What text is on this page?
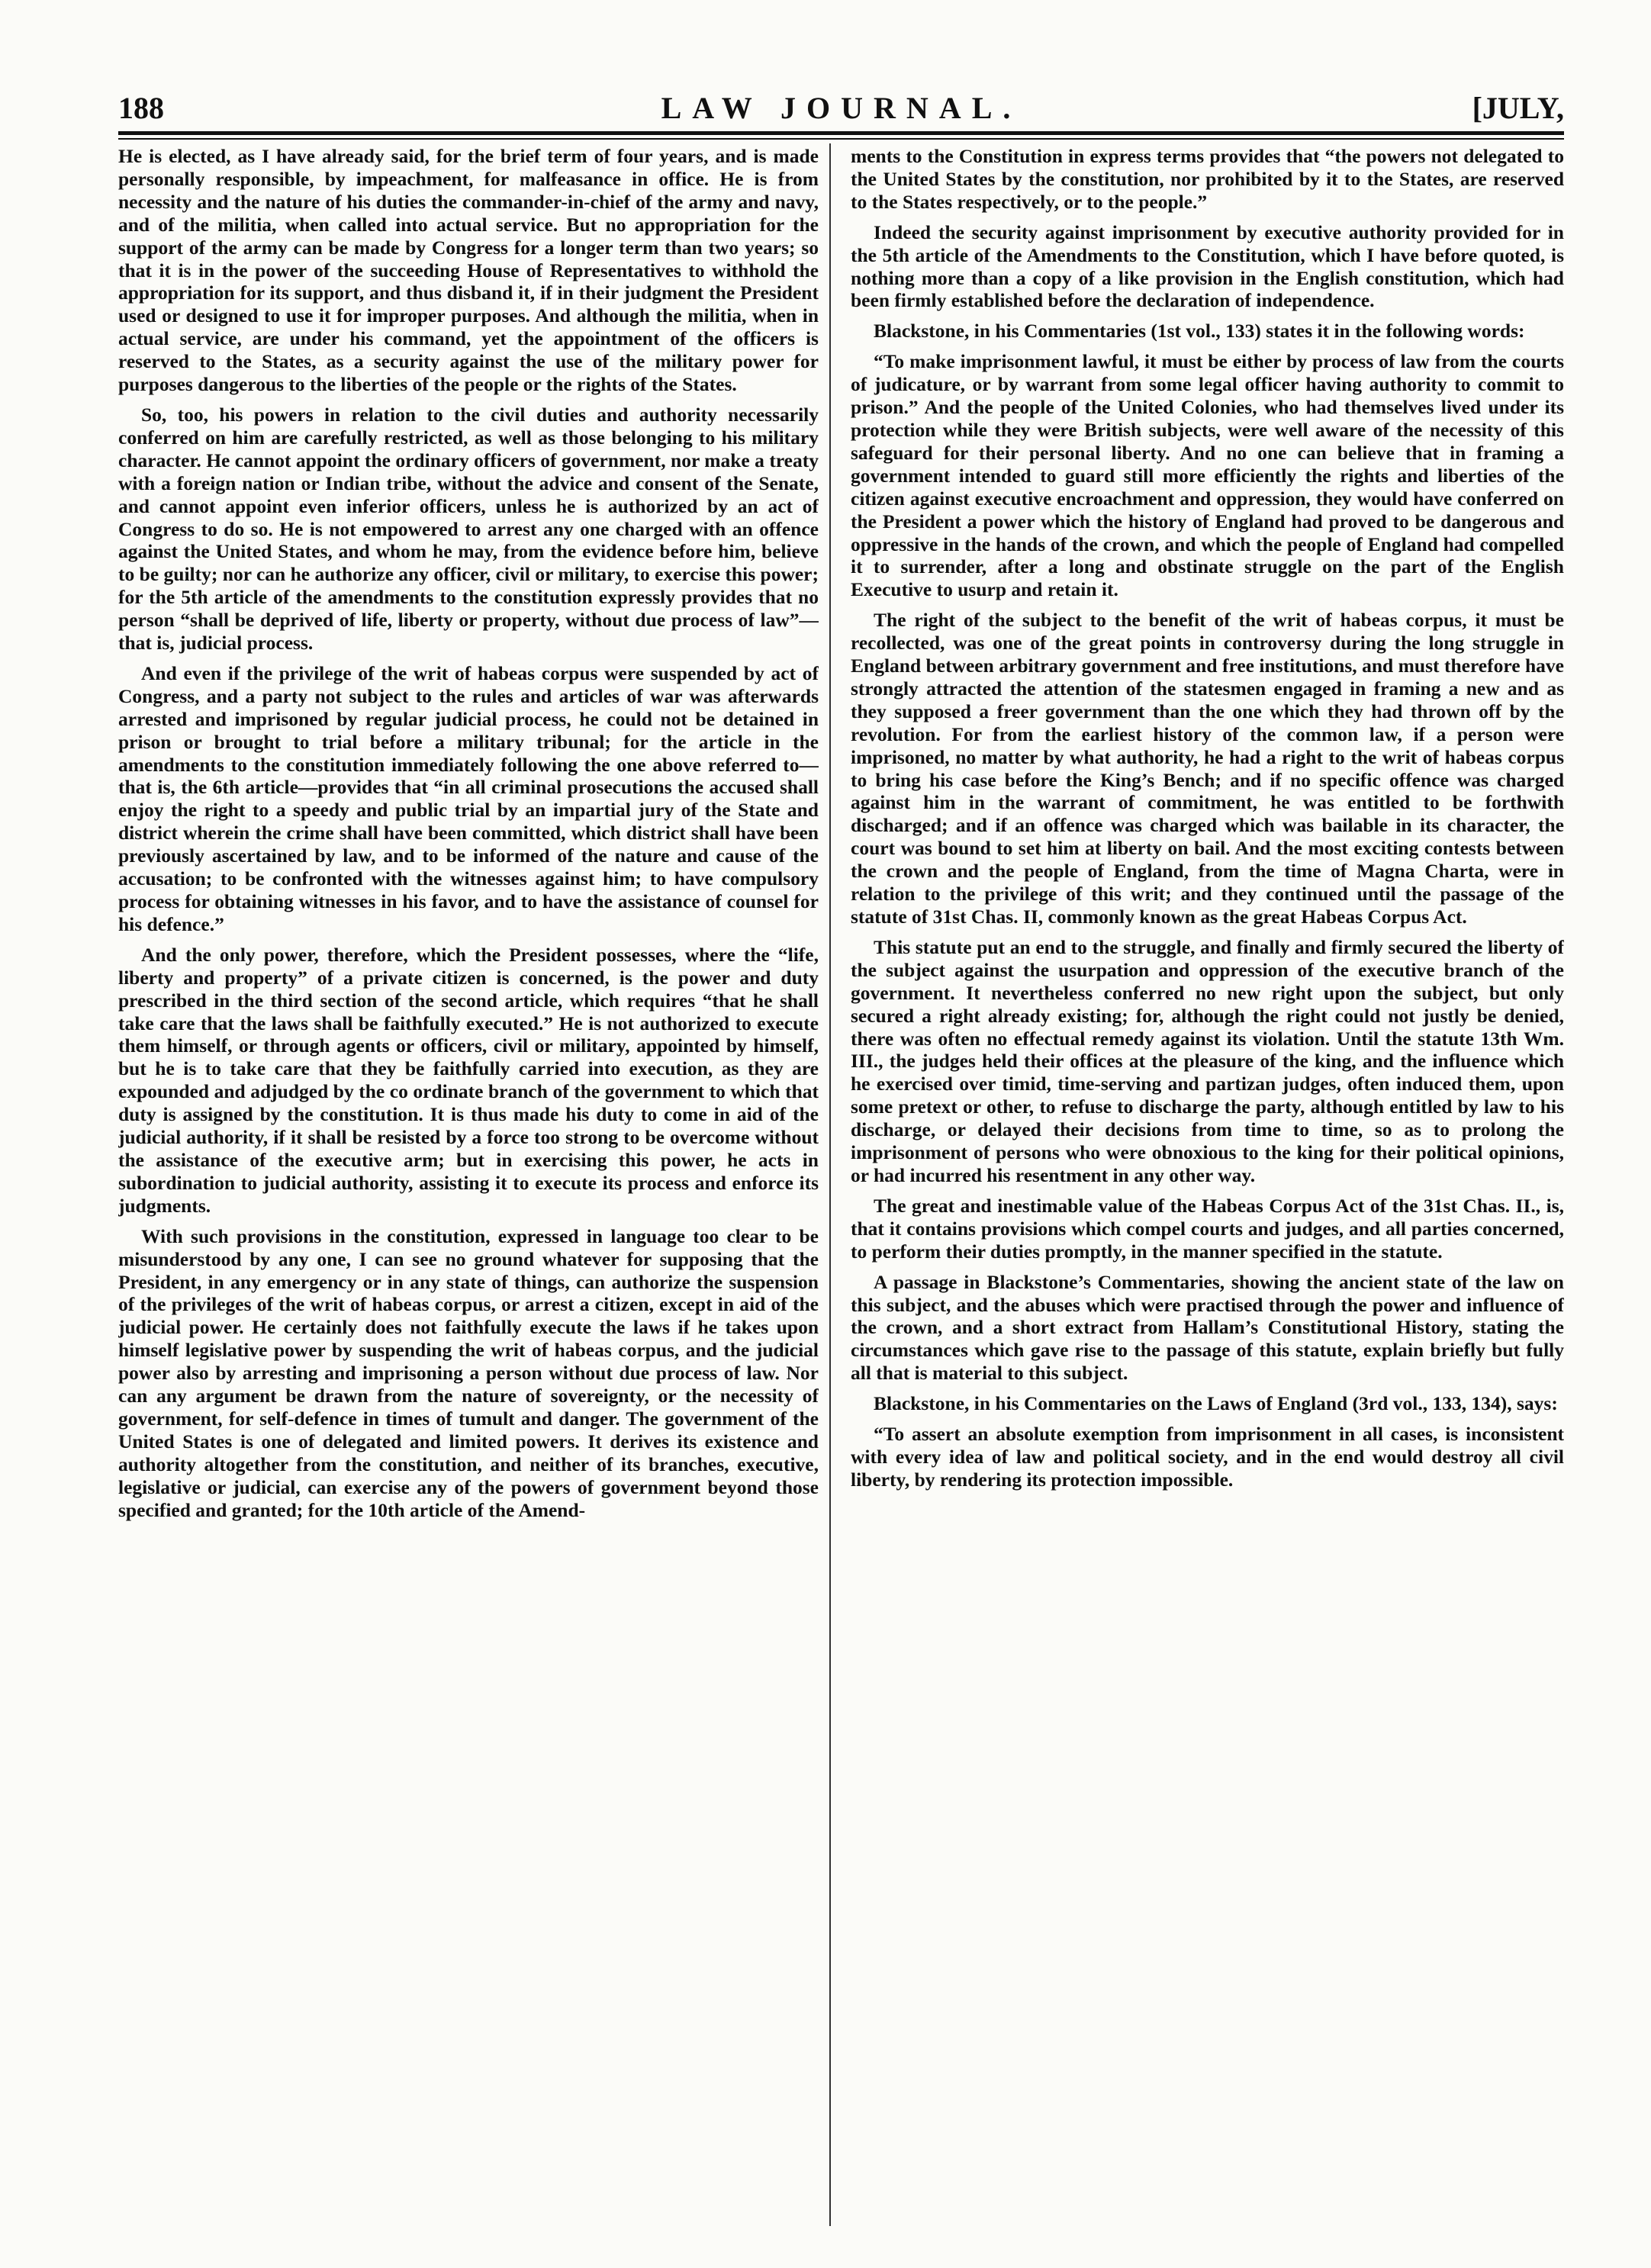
188	LAW JOURNAL.	[JULY,

He is elected, as I have already said, for the brief term of four years, and is made personally responsible, by impeachment, for malfeasance in office. He is from necessity and the nature of his duties the commander-in-chief of the army and navy, and of the militia, when called into actual service. But no appropriation for the support of the army can be made by Congress for a longer term than two years; so that it is in the power of the succeeding House of Representatives to withhold the appropriation for its support, and thus disband it, if in their judgment the President used or designed to use it for improper purposes. And although the militia, when in actual service, are under his command, yet the appointment of the officers is reserved to the States, as a security against the use of the military power for purposes dangerous to the liberties of the people or the rights of the States.

So, too, his powers in relation to the civil duties and authority necessarily conferred on him are carefully restricted, as well as those belonging to his military character. He cannot appoint the ordinary officers of government, nor make a treaty with a foreign nation or Indian tribe, without the advice and consent of the Senate, and cannot appoint even inferior officers, unless he is authorized by an act of Congress to do so. He is not empowered to arrest any one charged with an offence against the United States, and whom he may, from the evidence before him, believe to be guilty; nor can he authorize any officer, civil or military, to exercise this power; for the 5th article of the amendments to the constitution expressly provides that no person “shall be deprived of life, liberty or property, without due process of law”—that is, judicial process.

And even if the privilege of the writ of habeas corpus were suspended by act of Congress, and a party not subject to the rules and articles of war was afterwards arrested and imprisoned by regular judicial process, he could not be detained in prison or brought to trial before a military tribunal; for the article in the amendments to the constitution immediately following the one above referred to—that is, the 6th article—provides that “in all criminal prosecutions the accused shall enjoy the right to a speedy and public trial by an impartial jury of the State and district wherein the crime shall have been committed, which district shall have been previously ascertained by law, and to be informed of the nature and cause of the accusation; to be confronted with the witnesses against him; to have compulsory process for obtaining witnesses in his favor, and to have the assistance of counsel for his defence.”

And the only power, therefore, which the President possesses, where the “life, liberty and property” of a private citizen is concerned, is the power and duty prescribed in the third section of the second article, which requires “that he shall take care that the laws shall be faithfully executed.” He is not authorized to execute them himself, or through agents or officers, civil or military, appointed by himself, but he is to take care that they be faithfully carried into execution, as they are expounded and adjudged by the co ordinate branch of the government to which that duty is assigned by the constitution. It is thus made his duty to come in aid of the judicial authority, if it shall be resisted by a force too strong to be overcome without the assistance of the executive arm; but in exercising this power, he acts in subordination to judicial authority, assisting it to execute its process and enforce its judgments.

With such provisions in the constitution, expressed in language too clear to be misunderstood by any one, I can see no ground whatever for supposing that the President, in any emergency or in any state of things, can authorize the suspension of the privileges of the writ of habeas corpus, or arrest a citizen, except in aid of the judicial power. He certainly does not faithfully execute the laws if he takes upon himself legislative power by suspending the writ of habeas corpus, and the judicial power also by arresting and imprisoning a person without due process of law. Nor can any argument be drawn from the nature of sovereignty, or the necessity of government, for self-defence in times of tumult and danger. The government of the United States is one of delegated and limited powers. It derives its existence and authority altogether from the constitution, and neither of its branches, executive, legislative or judicial, can exercise any of the powers of government beyond those specified and granted; for the 10th article of the Amend-

ments to the Constitution in express terms provides that “the powers not delegated to the United States by the constitution, nor prohibited by it to the States, are reserved to the States respectively, or to the people.”

Indeed the security against imprisonment by executive authority provided for in the 5th article of the Amendments to the Constitution, which I have before quoted, is nothing more than a copy of a like provision in the English constitution, which had been firmly established before the declaration of independence.

Blackstone, in his Commentaries (1st vol., 133) states it in the following words:

“To make imprisonment lawful, it must be either by process of law from the courts of judicature, or by warrant from some legal officer having authority to commit to prison.” And the people of the United Colonies, who had themselves lived under its protection while they were British subjects, were well aware of the necessity of this safeguard for their personal liberty. And no one can believe that in framing a government intended to guard still more efficiently the rights and liberties of the citizen against executive encroachment and oppression, they would have conferred on the President a power which the history of England had proved to be dangerous and oppressive in the hands of the crown, and which the people of England had compelled it to surrender, after a long and obstinate struggle on the part of the English Executive to usurp and retain it.

The right of the subject to the benefit of the writ of habeas corpus, it must be recollected, was one of the great points in controversy during the long struggle in England between arbitrary government and free institutions, and must therefore have strongly attracted the attention of the statesmen engaged in framing a new and as they supposed a freer government than the one which they had thrown off by the revolution. For from the earliest history of the common law, if a person were imprisoned, no matter by what authority, he had a right to the writ of habeas corpus to bring his case before the King’s Bench; and if no specific offence was charged against him in the warrant of commitment, he was entitled to be forthwith discharged; and if an offence was charged which was bailable in its character, the court was bound to set him at liberty on bail. And the most exciting contests between the crown and the people of England, from the time of Magna Charta, were in relation to the privilege of this writ; and they continued until the passage of the statute of 31st Chas. II, commonly known as the great Habeas Corpus Act.

This statute put an end to the struggle, and finally and firmly secured the liberty of the subject against the usurpation and oppression of the executive branch of the government. It nevertheless conferred no new right upon the subject, but only secured a right already existing; for, although the right could not justly be denied, there was often no effectual remedy against its violation. Until the statute 13th Wm. III., the judges held their offices at the pleasure of the king, and the influence which he exercised over timid, time-serving and partizan judges, often induced them, upon some pretext or other, to refuse to discharge the party, although entitled by law to his discharge, or delayed their decisions from time to time, so as to prolong the imprisonment of persons who were obnoxious to the king for their political opinions, or had incurred his resentment in any other way.

The great and inestimable value of the Habeas Corpus Act of the 31st Chas. II., is, that it contains provisions which compel courts and judges, and all parties concerned, to perform their duties promptly, in the manner specified in the statute.

A passage in Blackstone’s Commentaries, showing the ancient state of the law on this subject, and the abuses which were practised through the power and influence of the crown, and a short extract from Hallam’s Constitutional History, stating the circumstances which gave rise to the passage of this statute, explain briefly but fully all that is material to this subject.

Blackstone, in his Commentaries on the Laws of England (3rd vol., 133, 134), says:

“To assert an absolute exemption from imprisonment in all cases, is inconsistent with every idea of law and political society, and in the end would destroy all civil liberty, by rendering its protection impossible.
